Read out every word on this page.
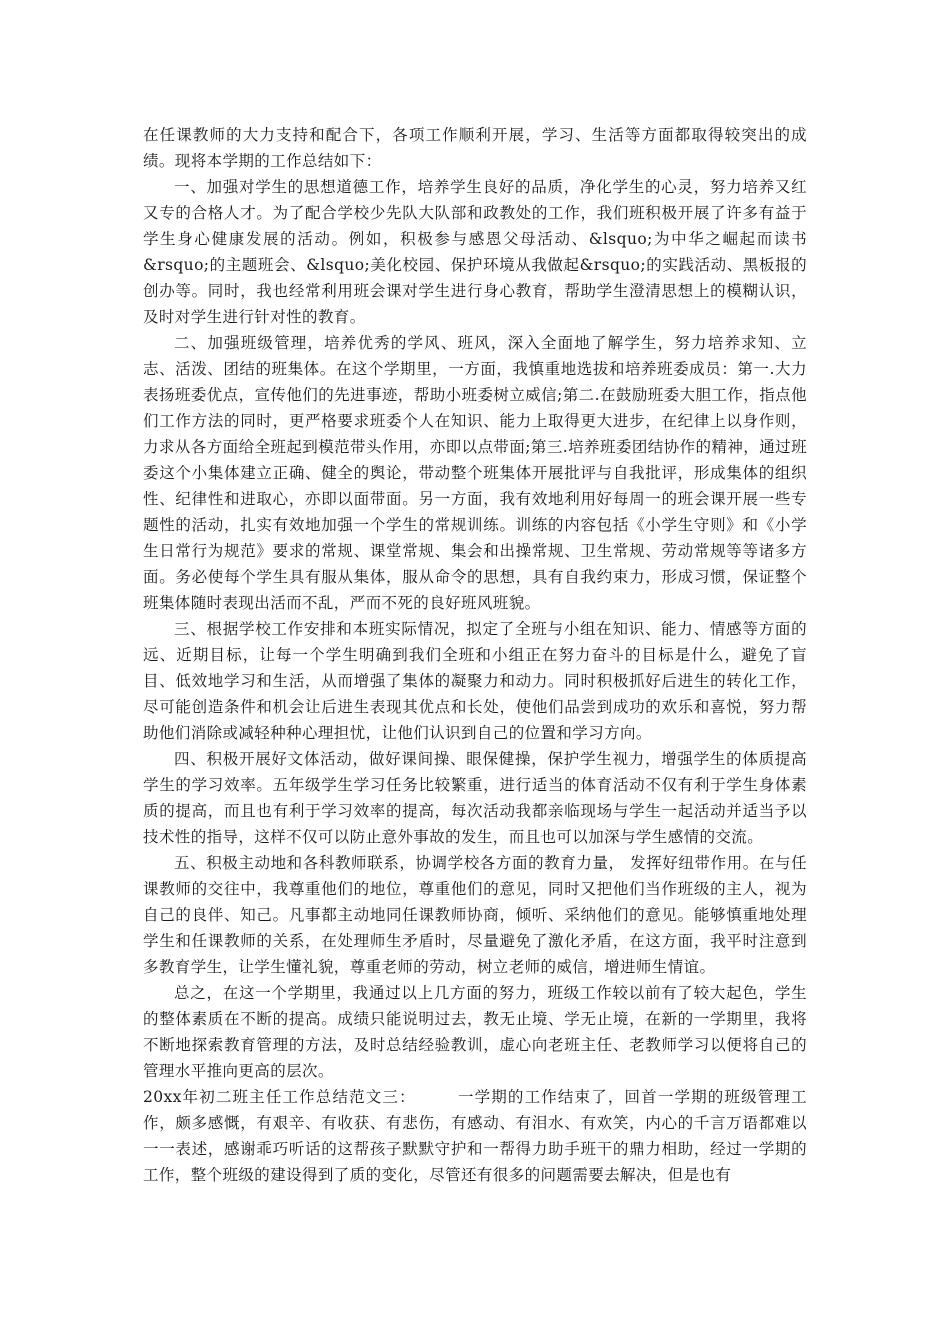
在任课教师的大力支持和配合下，各项工作顺利开展，学习、生活等方面都取得较突出的成绩。现将本学期的工作总结如下：

一、加强对学生的思想道德工作，培养学生良好的品质，净化学生的心灵，努力培养又红又专的合格人才。为了配合学校少先队大队部和政教处的工作，我们班积极开展了许多有益于学生身心健康发展的活动。例如，积极参与感恩父母活动、&lsquo;为中华之崛起而读书&rsquo;的主题班会、&lsquo;美化校园、保护环境从我做起&rsquo;的实践活动、黑板报的创办等。同时，我也经常利用班会课对学生进行身心教育，帮助学生澄清思想上的模糊认识，及时对学生进行针对性的教育。

二、加强班级管理，培养优秀的学风、班风，深入全面地了解学生，努力培养求知、立志、活泼、团结的班集体。在这个学期里，一方面，我慎重地选拔和培养班委成员：第一.大力表扬班委优点，宣传他们的先进事迹，帮助小班委树立威信;第二.在鼓励班委大胆工作，指点他们工作方法的同时，更严格要求班委个人在知识、能力上取得更大进步，在纪律上以身作则，力求从各方面给全班起到模范带头作用，亦即以点带面;第三.培养班委团结协作的精神，通过班委这个小集体建立正确、健全的舆论，带动整个班集体开展批评与自我批评，形成集体的组织性、纪律性和进取心，亦即以面带面。另一方面，我有效地利用好每周一的班会课开展一些专题性的活动，扎实有效地加强一个学生的常规训练。训练的内容包括《小学生守则》和《小学生日常行为规范》要求的常规、课堂常规、集会和出操常规、卫生常规、劳动常规等等诸多方面。务必使每个学生具有服从集体，服从命令的思想，具有自我约束力，形成习惯，保证整个班集体随时表现出活而不乱，严而不死的良好班风班貌。

三、根据学校工作安排和本班实际情况，拟定了全班与小组在知识、能力、情感等方面的远、近期目标，让每一个学生明确到我们全班和小组正在努力奋斗的目标是什么，避免了盲目、低效地学习和生活，从而增强了集体的凝聚力和动力。同时积极抓好后进生的转化工作，尽可能创造条件和机会让后进生表现其优点和长处，使他们品尝到成功的欢乐和喜悦，努力帮助他们消除或减轻种种心理担忧，让他们认识到自己的位置和学习方向。

四、积极开展好文体活动，做好课间操、眼保健操，保护学生视力，增强学生的体质提高学生的学习效率。五年级学生学习任务比较繁重，进行适当的体育活动不仅有利于学生身体素质的提高，而且也有利于学习效率的提高，每次活动我都亲临现场与学生一起活动并适当予以技术性的指导，这样不仅可以防止意外事故的发生，而且也可以加深与学生感情的交流。

五、积极主动地和各科教师联系，协调学校各方面的教育力量， 发挥好纽带作用。在与任课教师的交往中，我尊重他们的地位，尊重他们的意见，同时又把他们当作班级的主人，视为自己的良伴、知己。凡事都主动地同任课教师协商，倾听、采纳他们的意见。能够慎重地处理学生和任课教师的关系，在处理师生矛盾时，尽量避免了激化矛盾，在这方面，我平时注意到多教育学生，让学生懂礼貌，尊重老师的劳动，树立老师的威信，增进师生情谊。

总之，在这一个学期里，我通过以上几方面的努力，班级工作较以前有了较大起色，学生的整体素质在不断的提高。成绩只能说明过去，教无止境、学无止境，在新的一学期里，我将不断地探索教育管理的方法，及时总结经验教训，虚心向老班主任、老教师学习以便将自己的管理水平推向更高的层次。

20xx年初二班主任工作总结范文三：　　　一学期的工作结束了，回首一学期的班级管理工作，颇多感慨，有艰辛、有收获、有悲伤，有感动、有泪水、有欢笑，内心的千言万语都难以一一表述，感谢乖巧听话的这帮孩子默默守护和一帮得力助手班干的鼎力相助，经过一学期的工作，整个班级的建设得到了质的变化，尽管还有很多的问题需要去解决，但是也有
